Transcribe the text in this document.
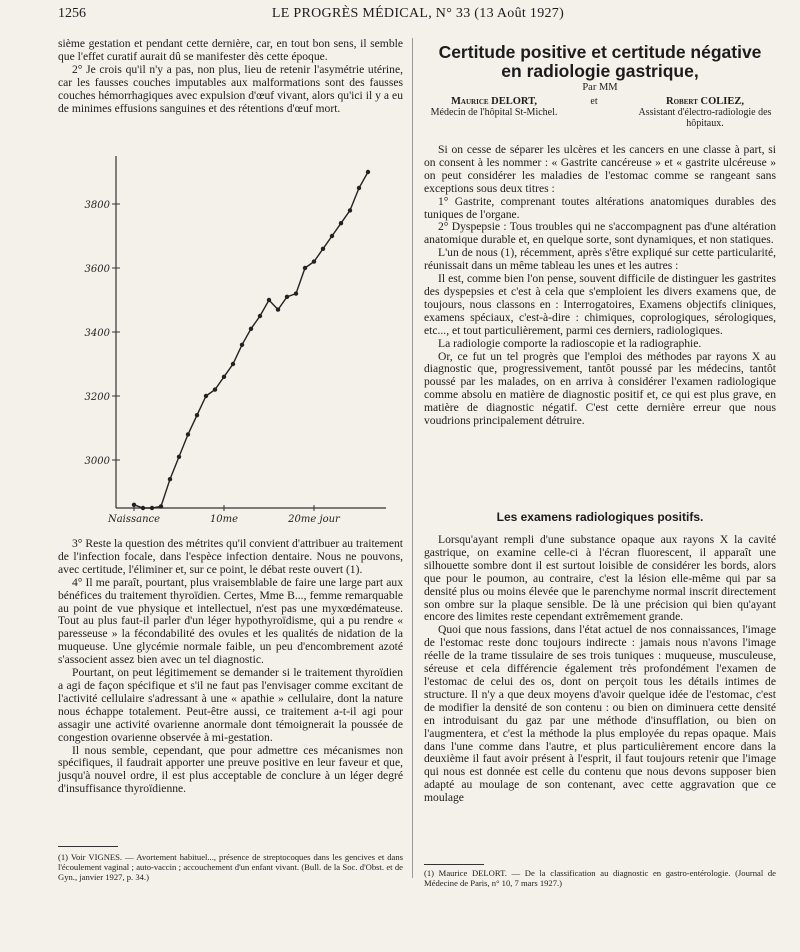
1256	LE PROGRÈS MÉDICAL, N° 33 (13 Août 1927)

sième gestation et pendant cette dernière, car, en tout bon sens, il semble que l'effet curatif aurait dû se manifester dès cette époque.

2° Je crois qu'il n'y a pas, non plus, lieu de retenir l'asymétrie utérine, car les fausses couches imputables aux malformations sont des fausses couches hémorrhagiques avec expulsion d'œuf vivant, alors qu'ici il y a eu de minimes effusions sanguines et des rétentions d'œuf mort.

3800
3600
3400
3200
3000
Naissance	10me	20me jour

3° Reste la question des métrites qu'il convient d'attribuer au traitement de l'infection focale, dans l'espèce infection dentaire. Nous ne pouvons, avec certitude, l'éliminer et, sur ce point, le débat reste ouvert (1).

4° Il me paraît, pourtant, plus vraisemblable de faire une large part aux bénéfices du traitement thyroïdien. Certes, Mme B..., femme remarquable au point de vue physique et intellectuel, n'est pas une myxœdémateuse. Tout au plus faut-il parler d'un léger hypothyroïdisme, qui a pu rendre « paresseuse » la fécondabilité des ovules et les qualités de nidation de la muqueuse. Une glycémie normale faible, un peu d'encombrement azoté s'associent assez bien avec un tel diagnostic.

Pourtant, on peut légitimement se demander si le traitement thyroïdien a agi de façon spécifique et s'il ne faut pas l'envisager comme excitant de l'activité cellulaire s'adressant à une « apathie » cellulaire, dont la nature nous échappe totalement. Peut-être aussi, ce traitement a-t-il agi pour assagir une activité ovarienne anormale dont témoignerait la poussée de congestion ovarienne observée à mi-gestation.

Il nous semble, cependant, que pour admettre ces mécanismes non spécifiques, il faudrait apporter une preuve positive en leur faveur et que, jusqu'à nouvel ordre, il est plus acceptable de conclure à un léger degré d'insuffisance thyroïdienne.

(1) Voir VIGNES. — Avortement habituel..., présence de streptocoques dans les gencives et dans l'écoulement vaginal ; auto-vaccin ; accouchement d'un enfant vivant. (Bull. de la Soc. d'Obst. et de Gyn., janvier 1927, p. 34.)
Certitude positive et certitude négative
en radiologie gastrique,
Par MM
Maurice DELORT,
Médecin de l'hôpital St-Michel.
et	Robert COLIEZ,
Assistant d'électro-radiologie des hôpitaux.

Si on cesse de séparer les ulcères et les cancers en une classe à part, si on consent à les nommer : « Gastrite cancéreuse » et « gastrite ulcéreuse » on peut considérer les maladies de l'estomac comme se rangeant sans exceptions sous deux titres :

1° Gastrite, comprenant toutes altérations anatomiques durables des tuniques de l'organe.

2° Dyspepsie : Tous troubles qui ne s'accompagnent pas d'une altération anatomique durable et, en quelque sorte, sont dynamiques, et non statiques.

L'un de nous (1), récemment, après s'être expliqué sur cette particularité, réunissait dans un même tableau les unes et les autres :

Il est, comme bien l'on pense, souvent difficile de distinguer les gastrites des dyspepsies et c'est à cela que s'emploient les divers examens que, de toujours, nous classons en : Interrogatoires, Examens objectifs cliniques, examens spéciaux, c'est-à-dire : chimiques, coprologiques, sérologiques, etc..., et tout particulièrement, parmi ces derniers, radiologiques.

La radiologie comporte la radioscopie et la radiographie.

Or, ce fut un tel progrès que l'emploi des méthodes par rayons X au diagnostic que, progressivement, tantôt poussé par les médecins, tantôt poussé par les malades, on en arriva à considérer l'examen radiologique comme absolu en matière de diagnostic positif et, ce qui est plus grave, en matière de diagnostic négatif. C'est cette dernière erreur que nous voudrions principalement détruire.

Les examens radiologiques positifs.

Lorsqu'ayant rempli d'une substance opaque aux rayons X la cavité gastrique, on examine celle-ci à l'écran fluorescent, il apparaît une silhouette sombre dont il est surtout loisible de considérer les bords, alors que pour le poumon, au contraire, c'est la lésion elle-même qui par sa densité plus ou moins élevée que le parenchyme normal inscrit directement son ombre sur la plaque sensible. De là une précision qui bien qu'ayant encore des limites reste cependant extrêmement grande.

Quoi que nous fassions, dans l'état actuel de nos connaissances, l'image de l'estomac reste donc toujours indirecte : jamais nous n'avons l'image réelle de la trame tissulaire de ses trois tuniques : muqueuse, musculeuse, séreuse et cela différencie également très profondément l'examen de l'estomac de celui des os, dont on perçoit tous les détails intimes de structure. Il n'y a que deux moyens d'avoir quelque idée de l'estomac, c'est de modifier la densité de son contenu : ou bien on diminuera cette densité en introduisant du gaz par une méthode d'insufflation, ou bien on l'augmentera, et c'est la méthode la plus employée du repas opaque. Mais dans l'une comme dans l'autre, et plus particulièrement encore dans la deuxième il faut avoir présent à l'esprit, il faut toujours retenir que l'image qui nous est donnée est celle du contenu que nous devons supposer bien adapté au moulage de son contenant, avec cette aggravation que ce moulage

(1) Maurice DELORT. — De la classification au diagnostic en gastro-entérologie. (Journal de Médecine de Paris, n° 10, 7 mars 1927.)
